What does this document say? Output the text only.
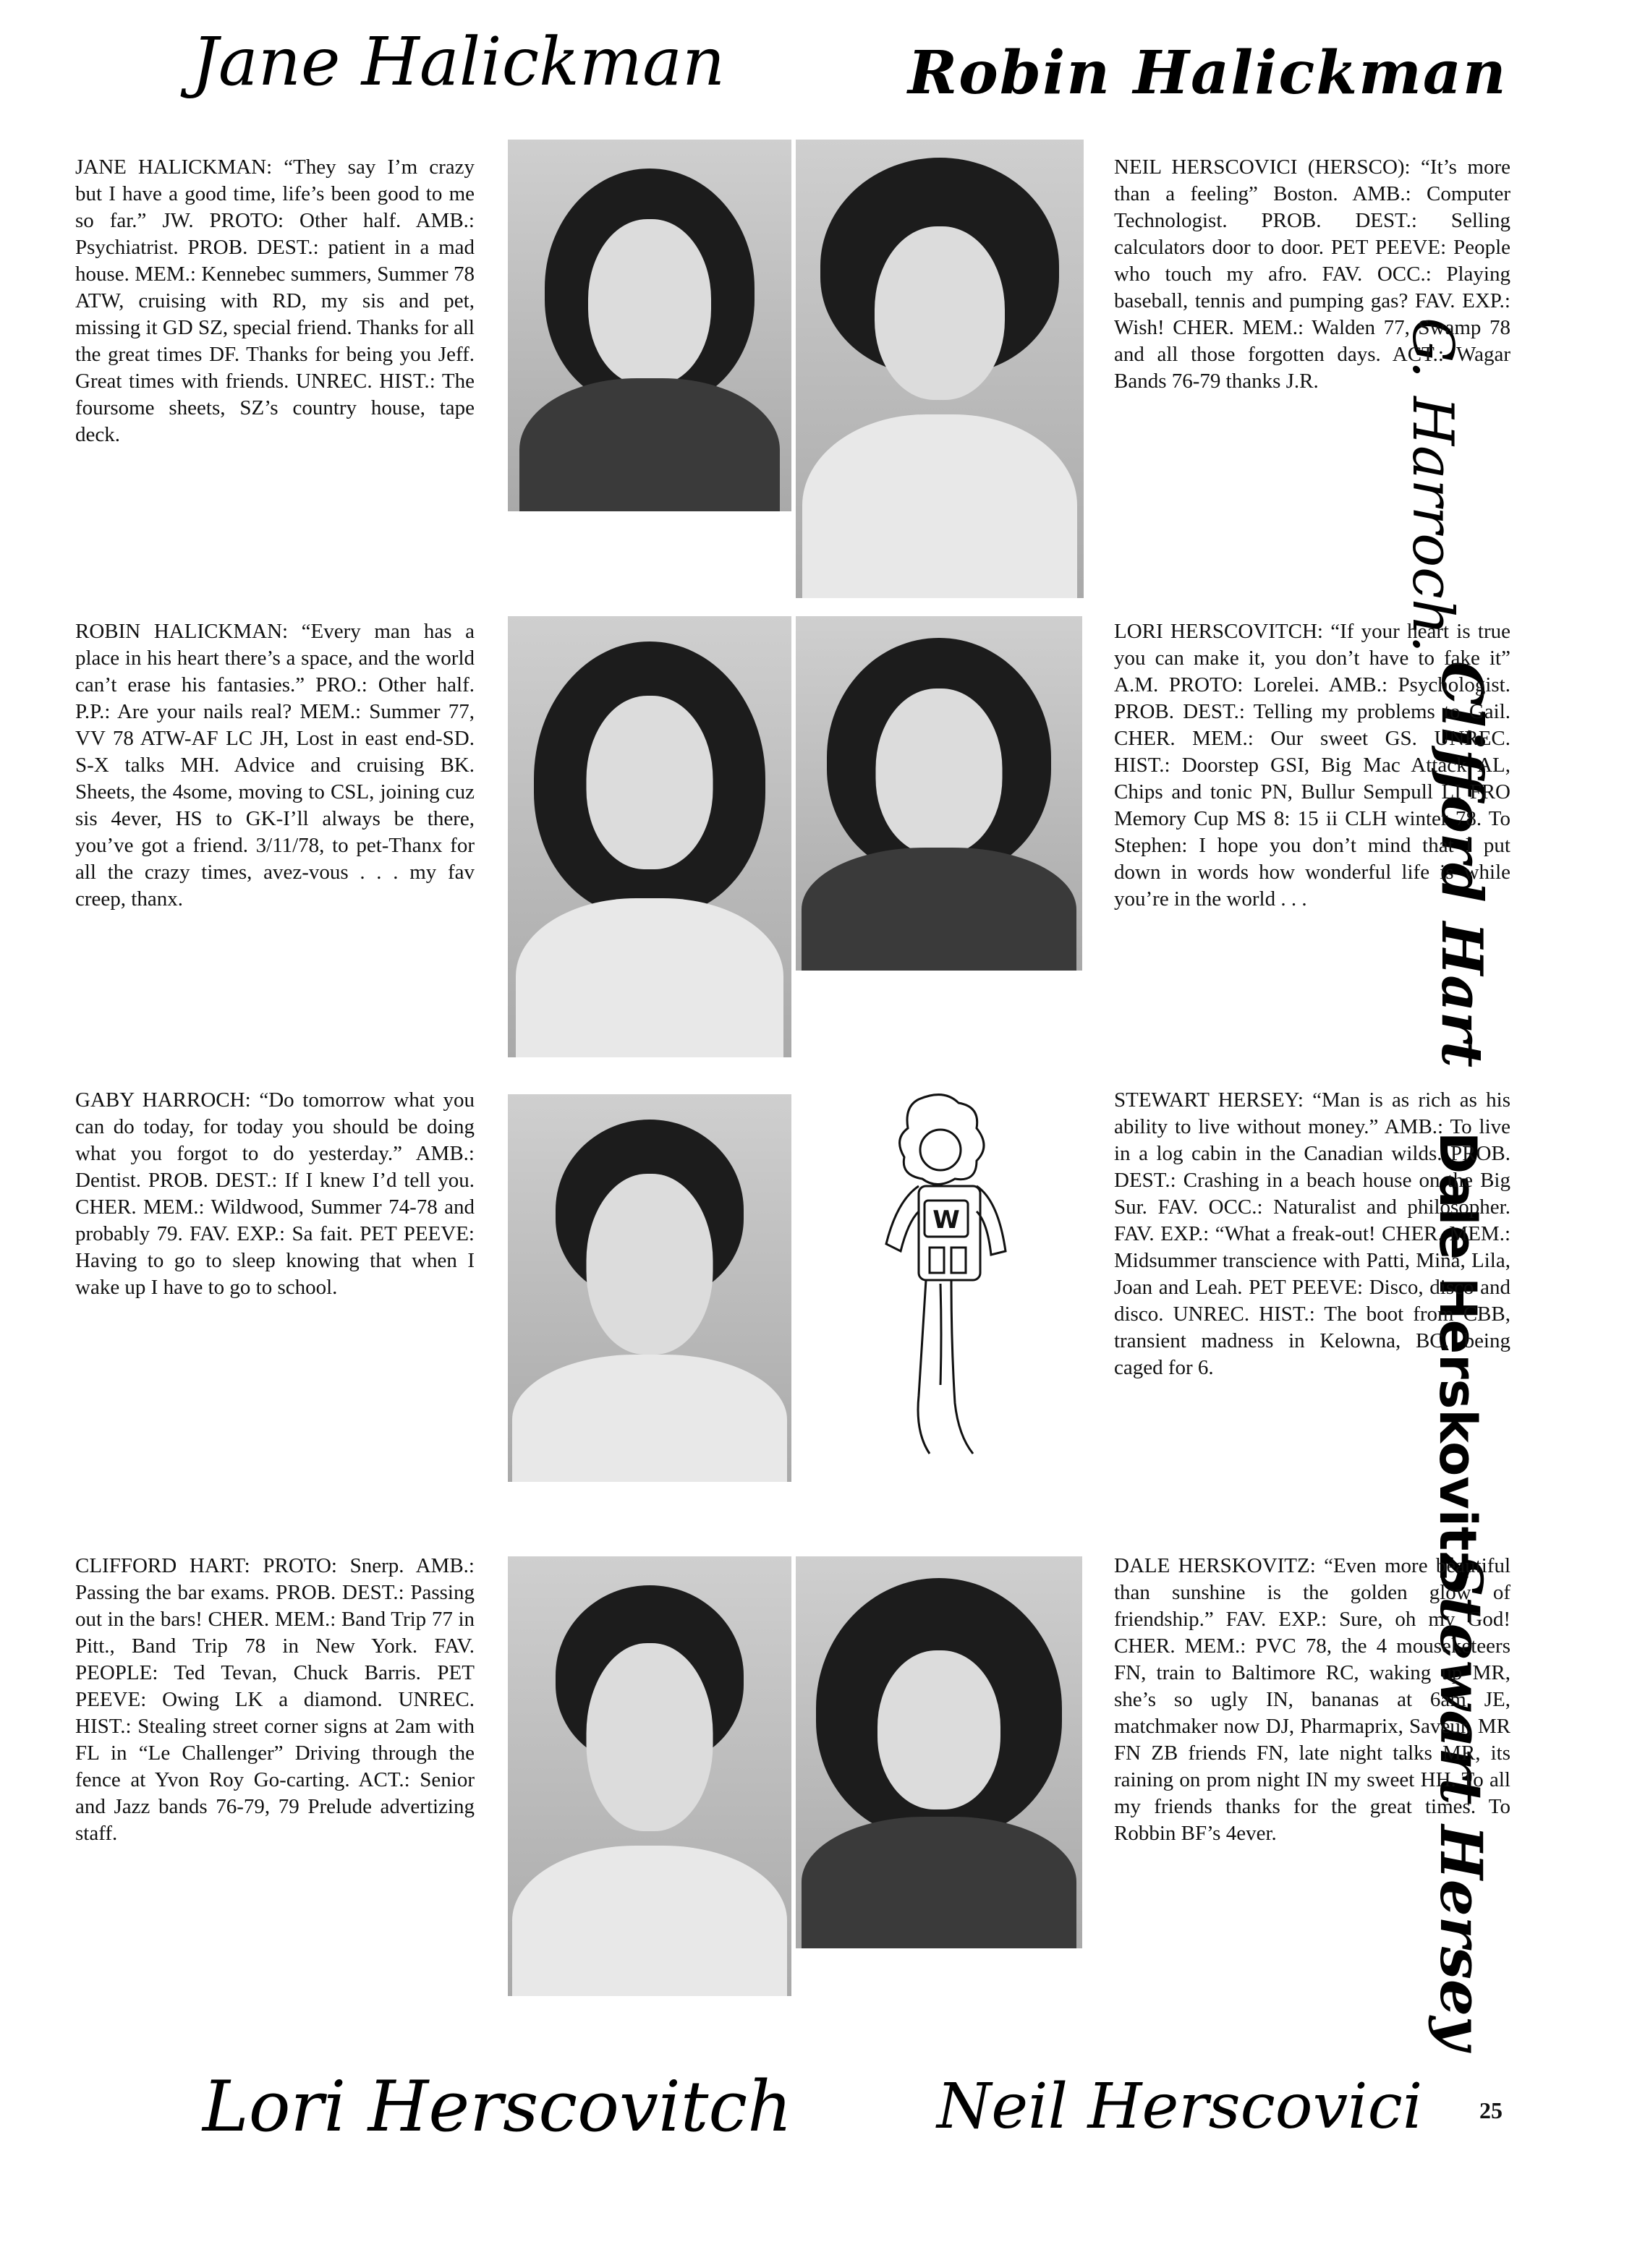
Jane Halickman	Robin Halickman
G. Harroch.
Clifford Hart
Dale Herskovitz
Stewart Hersey
Lori Herscovitch Neil Herscovici
JANE HALICKMAN: “They say I’m crazy but I have a good time, life’s been good to me so far.” JW. PROTO: Other half. AMB.: Psychiatrist. PROB. DEST.: patient in a mad house. MEM.: Kennebec summers, Summer 78 ATW, cruising with RD, my sis and pet, missing it GD SZ, special friend. Thanks for all the great times DF. Thanks for being you Jeff. Great times with friends. UNREC. HIST.: The foursome sheets, SZ’s country house, tape deck.
NEIL HERSCOVICI (HERSCO): “It’s more than a feeling” Boston. AMB.: Computer Technologist. PROB. DEST.: Selling calculators door to door. PET PEEVE: People who touch my afro. FAV. OCC.: Playing baseball, tennis and pumping gas? FAV. EXP.: Wish! CHER. MEM.: Walden 77, Swamp 78 and all those forgotten days. ACT.: Wagar Bands 76-79 thanks J.R.
ROBIN HALICKMAN: “Every man has a place in his heart there’s a space, and the world can’t erase his fantasies.” PRO.: Other half. P.P.: Are your nails real? MEM.: Summer 77, VV 78 ATW-AF LC JH, Lost in east end-SD. S-X talks MH. Advice and cruising BK. Sheets, the 4some, moving to CSL, joining cuz sis 4ever, HS to GK-I’ll always be there, you’ve got a friend. 3/11/78, to pet-Thanx for all the crazy times, avez-vous . . . my fav creep, thanx.
LORI HERSCOVITCH: “If your heart is true you can make it, you don’t have to fake it” A.M. PROTO: Lorelei. AMB.: Psychologist. PROB. DEST.: Telling my problems to Gail. CHER. MEM.: Our sweet GS. UNREC. HIST.: Doorstep GSI, Big Mac Attack AL, Chips and tonic PN, Bullur Sempull LI FRO Memory Cup MS 8: 15 ii CLH winter 78. To Stephen: I hope you don’t mind that I put down in words how wonderful life is while you’re in the world . . .
GABY HARROCH: “Do tomorrow what you can do today, for today you should be doing what you forgot to do yesterday.” AMB.: Dentist. PROB. DEST.: If I knew I’d tell you. CHER. MEM.: Wildwood, Summer 74-78 and probably 79. FAV. EXP.: Sa fait. PET PEEVE: Having to go to sleep knowing that when I wake up I have to go to school.
STEWART HERSEY: “Man is as rich as his ability to live without money.” AMB.: To live in a log cabin in the Canadian wilds. PROB. DEST.: Crashing in a beach house on the Big Sur. FAV. OCC.: Naturalist and philosopher. FAV. EXP.: “What a freak-out! CHER. MEM.: Midsummer transcience with Patti, Mina, Lila, Joan and Leah. PET PEEVE: Disco, disco and disco. UNREC. HIST.: The boot from CBB, transient madness in Kelowna, BC, being caged for 6.
CLIFFORD HART: PROTO: Snerp. AMB.: Passing the bar exams. PROB. DEST.: Passing out in the bars! CHER. MEM.: Band Trip 77 in Pitt., Band Trip 78 in New York. FAV. PEOPLE: Ted Tevan, Chuck Barris. PET PEEVE: Owing LK a diamond. UNREC. HIST.: Stealing street corner signs at 2am with FL in “Le Challenger” Driving through the fence at Yvon Roy Go-carting. ACT.: Senior and Jazz bands 76-79, 79 Prelude advertizing staff.
DALE HERSKOVITZ: “Even more beautiful than sunshine is the golden glow of friendship.” FAV. EXP.: Sure, oh my God! CHER. MEM.: PVC 78, the 4 mouseketeers FN, train to Baltimore RC, waking up MR, she’s so ugly IN, bananas at 6am JE, matchmaker now DJ, Pharmaprix, Saveur, MR FN ZB friends FN, late night talks MR, its raining on prom night IN my sweet HH. To all my friends thanks for the great times. To Robbin BF’s 4ever.
W
25
